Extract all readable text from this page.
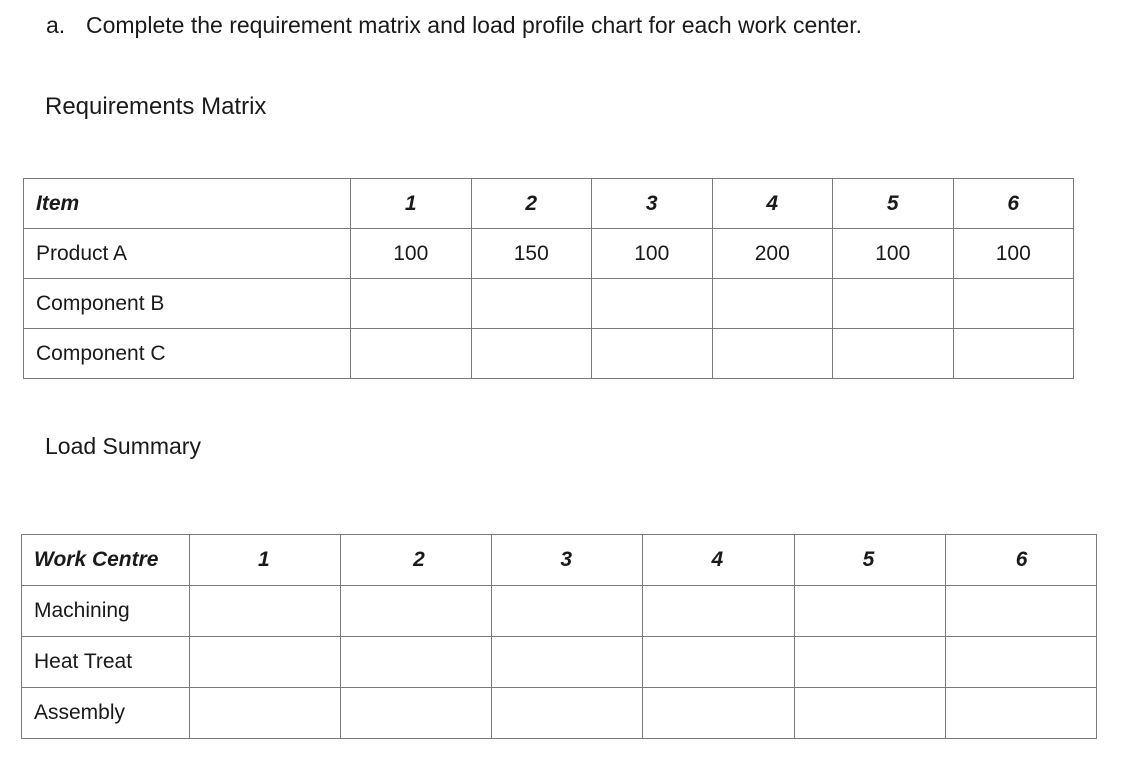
a. Complete the requirement matrix and load profile chart for each work center.
Requirements Matrix
Item	1	2	3	4	5	6
Product A	100	150	100	200	100	100
Component B						
Component C						
Load Summary
Work Centre	1	2	3	4	5	6
Machining						
Heat Treat						
Assembly						
